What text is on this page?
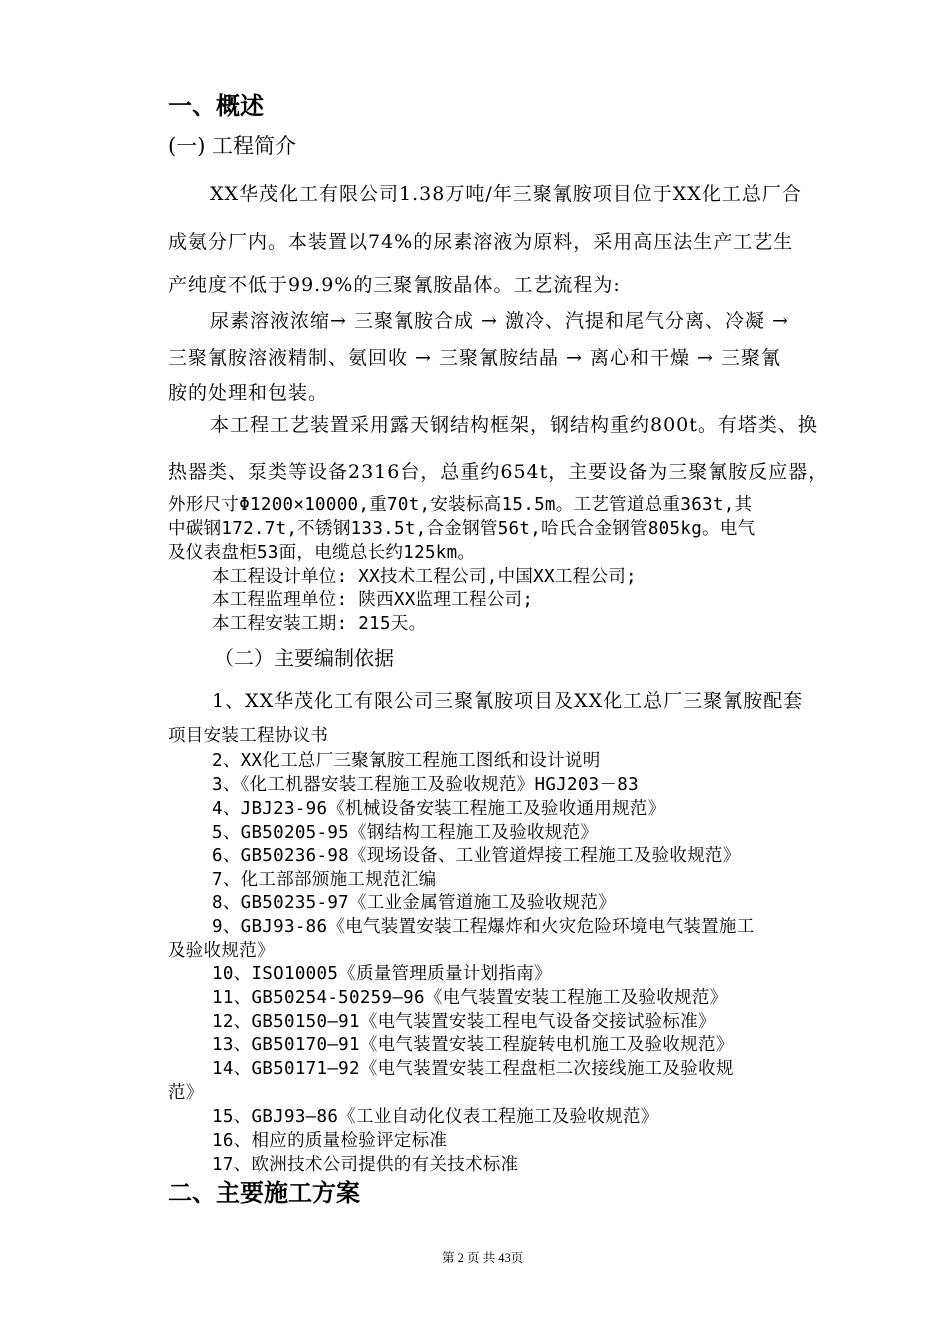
一、概述
(一) 工程简介
XX华茂化工有限公司1.38万吨/年三聚氰胺项目位于XX化工总厂合
成氨分厂内。本装置以74%的尿素溶液为原料，采用高压法生产工艺生
产纯度不低于99.9%的三聚氰胺晶体。工艺流程为:
尿素溶液浓缩→ 三聚氰胺合成 → 激冷、汽提和尾气分离、冷凝 →
三聚氰胺溶液精制、氨回收 → 三聚氰胺结晶 → 离心和干燥 → 三聚氰
胺的处理和包装。
本工程工艺装置采用露天钢结构框架，钢结构重约800t。有塔类、换
热器类、泵类等设备2316台，总重约654t，主要设备为三聚氰胺反应器，
外形尺寸Φ1200×10000,重70t,安装标高15.5m。工艺管道总重363t,其
中碳钢172.7t,不锈钢133.5t,合金钢管56t,哈氏合金钢管805kg。电气
及仪表盘柜53面，电缆总长约125km。
本工程设计单位: XX技术工程公司,中国XX工程公司;
本工程监理单位: 陕西XX监理工程公司;
本工程安装工期: 215天。
（二）主要编制依据
1、XX华茂化工有限公司三聚氰胺项目及XX化工总厂三聚氰胺配套
项目安装工程协议书
2、XX化工总厂三聚氰胺工程施工图纸和设计说明
3、《化工机器安装工程施工及验收规范》HGJ203－83
4、JBJ23-96《机械设备安装工程施工及验收通用规范》
5、GB50205-95《钢结构工程施工及验收规范》
6、GB50236-98《现场设备、工业管道焊接工程施工及验收规范》
7、化工部部颁施工规范汇编
8、GB50235-97《工业金属管道施工及验收规范》
9、GBJ93-86《电气装置安装工程爆炸和火灾危险环境电气装置施工
及验收规范》
10、ISO10005《质量管理质量计划指南》
11、GB50254-50259—96《电气装置安装工程施工及验收规范》
12、GB50150—91《电气装置安装工程电气设备交接试验标准》
13、GB50170—91《电气装置安装工程旋转电机施工及验收规范》
14、GB50171—92《电气装置安装工程盘柜二次接线施工及验收规
范》
15、GBJ93—86《工业自动化仪表工程施工及验收规范》
16、相应的质量检验评定标准
17、欧洲技术公司提供的有关技术标准
二、主要施工方案
第 2 页 共 43页
